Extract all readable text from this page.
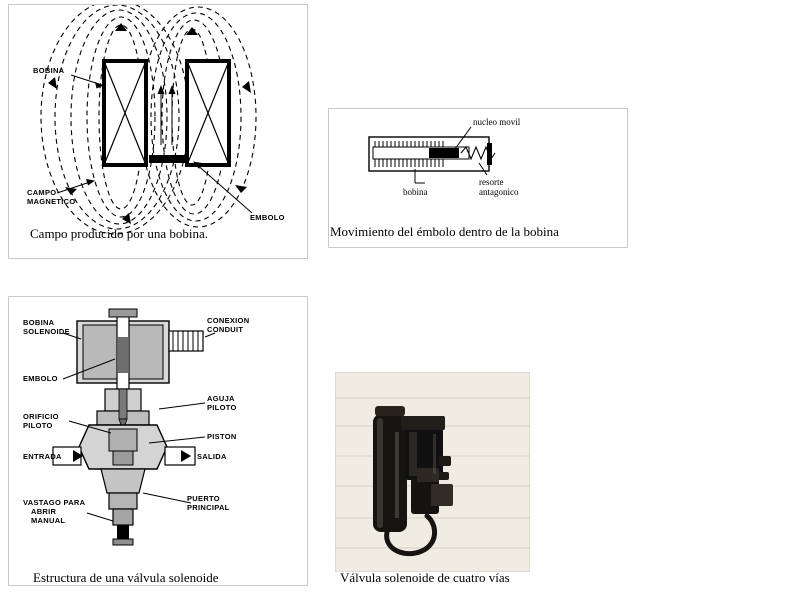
BOBINA
CAMPO
MAGNETICO
EMBOLO
Campo producido por una bobina.
nucleo movil
bobina
resorte
antagonico
Movimiento del émbolo dentro de la bobina
BOBINA
SOLENOIDE
CONEXION
CONDUIT
EMBOLO
ORIFICIO
PILOTO
AGUJA
PILOTO
PISTON
ENTRADA	SALIDA
VASTAGO PARA
ABRIR
MANUAL
PUERTO
PRINCIPAL
Estructura de una válvula solenoide	Válvula solenoide de cuatro vías
